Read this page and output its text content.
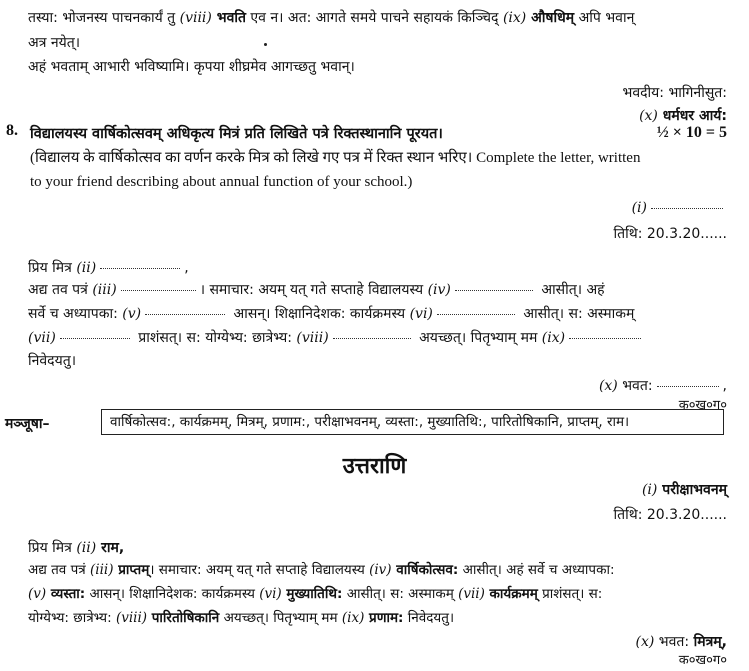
तस्या: भोजनस्य पाचनकार्यं तु (viii) भवति एव न। अत: आगते समये पाचने सहायकं किञ्चिद् (ix) औषधिम् अपि भवान्
अत्र नयेत्।
अहं भवताम् आभारी भविष्यामि। कृपया शीघ्रमेव आगच्छतु भवान्।
भवदीय: भागिनीसुत:
(x) धर्मधर आर्य:
8. विद्यालयस्य वार्षिकोत्सवम् अधिकृत्य मित्रं प्रति लिखिते पत्रे रिक्तस्थानानि पूरयत।	½ × 10 = 5
(विद्यालय के वार्षिकोत्सव का वर्णन करके मित्र को लिखे गए पत्र में रिक्त स्थान भरिए। Complete the letter, written
to your friend describing about annual function of your school.)
(i)
तिथि: 20.3.20......
प्रिय मित्र (ii)	,
अद्य तव पत्रं (iii)	। समाचार: अयम् यत् गते सप्ताहे विद्यालयस्य (iv)	आसीत्। अहं
सर्वे च अध्यापका: (v)	आसन्। शिक्षानिदेशक: कार्यक्रमस्य (vi)	आसीत्। स: अस्माकम्
(vii)	प्राशंसत्। स: योग्येभ्य: छात्रेभ्य: (viii)	अयच्छत्। पितृभ्याम् मम (ix)
निवेदयतु।
(x) भवत:	,
क०ख०ग०
मञ्जूषा–	वार्षिकोत्सव:, कार्यक्रमम्, मित्रम्, प्रणाम:, परीक्षाभवनम्, व्यस्ता:, मुख्यातिथि:, पारितोषिकानि, प्राप्तम्, राम।
उत्तराणि
(i) परीक्षाभवनम्
तिथि: 20.3.20......
प्रिय मित्र (ii) राम,
अद्य तव पत्रं (iii) प्राप्तम्। समाचार: अयम् यत् गते सप्ताहे विद्यालयस्य (iv) वार्षिकोत्सव: आसीत्। अहं सर्वे च अध्यापका:
(v) व्यस्ता: आसन्। शिक्षानिदेशक: कार्यक्रमस्य (vi) मुख्यातिथि: आसीत्। स: अस्माकम् (vii) कार्यक्रमम् प्राशंसत्। स:
योग्येभ्य: छात्रेभ्य: (viii) पारितोषिकानि अयच्छत्। पितृभ्याम् मम (ix) प्रणाम: निवेदयतु।
(x) भवत: मित्रम्,
क०ख०ग०
